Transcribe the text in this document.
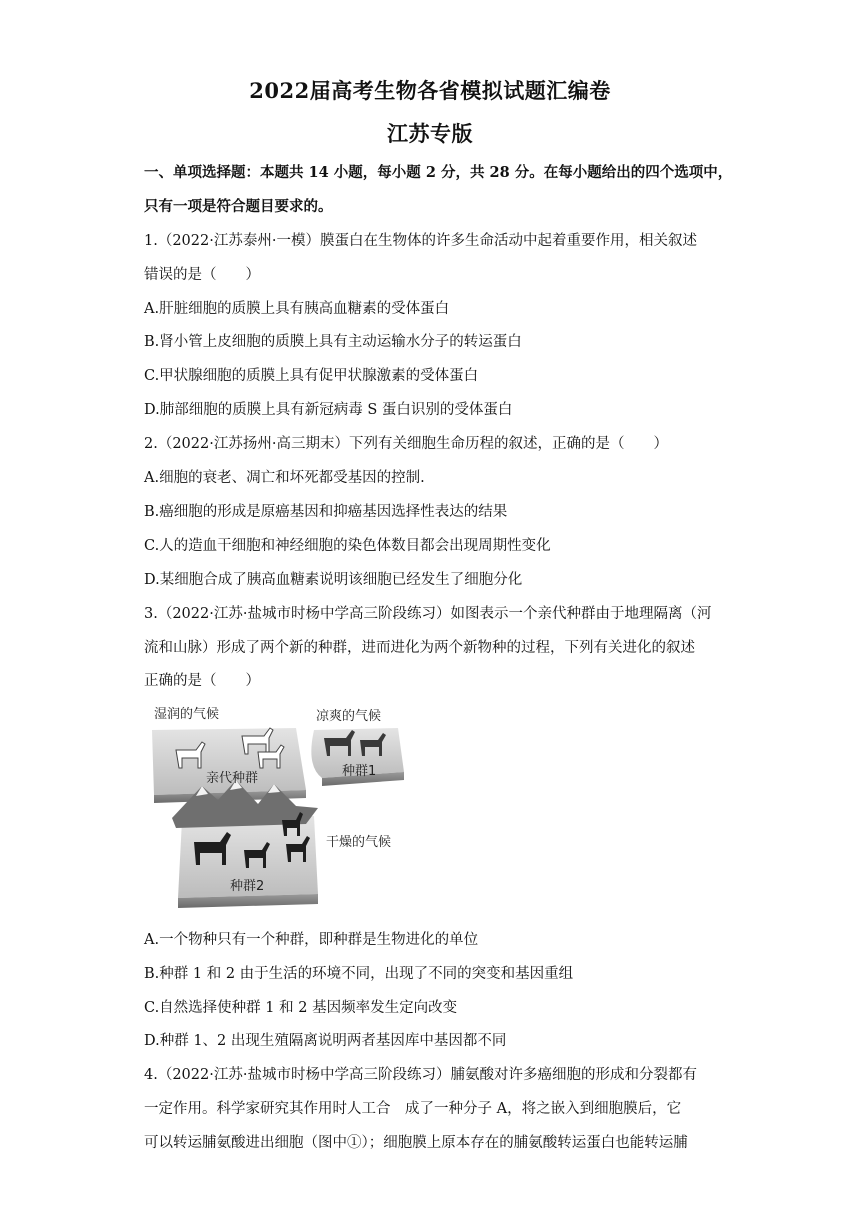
2022届高考生物各省模拟试题汇编卷
江苏专版
一、单项选择题：本题共 14 小题，每小题 2 分，共 28 分。在每小题给出的四个选项中，
只有一项是符合题目要求的。
1.（2022·江苏泰州·一模）膜蛋白在生物体的许多生命活动中起着重要作用，相关叙述
错误的是（　　）
A.肝脏细胞的质膜上具有胰高血糖素的受体蛋白
B.肾小管上皮细胞的质膜上具有主动运输水分子的转运蛋白
C.甲状腺细胞的质膜上具有促甲状腺激素的受体蛋白
D.肺部细胞的质膜上具有新冠病毒 S 蛋白识别的受体蛋白
2.（2022·江苏扬州·高三期末）下列有关细胞生命历程的叙述，正确的是（　　）
A.细胞的衰老、凋亡和坏死都受基因的控制.
B.癌细胞的形成是原癌基因和抑癌基因选择性表达的结果
C.人的造血干细胞和神经细胞的染色体数目都会出现周期性变化
D.某细胞合成了胰高血糖素说明该细胞已经发生了细胞分化
3.（2022·江苏·盐城市时杨中学高三阶段练习）如图表示一个亲代种群由于地理隔离（河
流和山脉）形成了两个新的种群，进而进化为两个新物种的过程，下列有关进化的叙述
正确的是（　　）
湿润的气候	凉爽的气候
亲代种群	种群1
干燥的气候
种群2
A.一个物种只有一个种群，即种群是生物进化的单位
B.种群 1 和 2 由于生活的环境不同，出现了不同的突变和基因重组
C.自然选择使种群 1 和 2 基因频率发生定向改变
D.种群 1、2 出现生殖隔离说明两者基因库中基因都不同
4.（2022·江苏·盐城市时杨中学高三阶段练习）脯氨酸对许多癌细胞的形成和分裂都有
一定作用。科学家研究其作用时人工合　成了一种分子 A，将之嵌入到细胞膜后，它
可以转运脯氨酸进出细胞（图中①）；细胞膜上原本存在的脯氨酸转运蛋白也能转运脯
